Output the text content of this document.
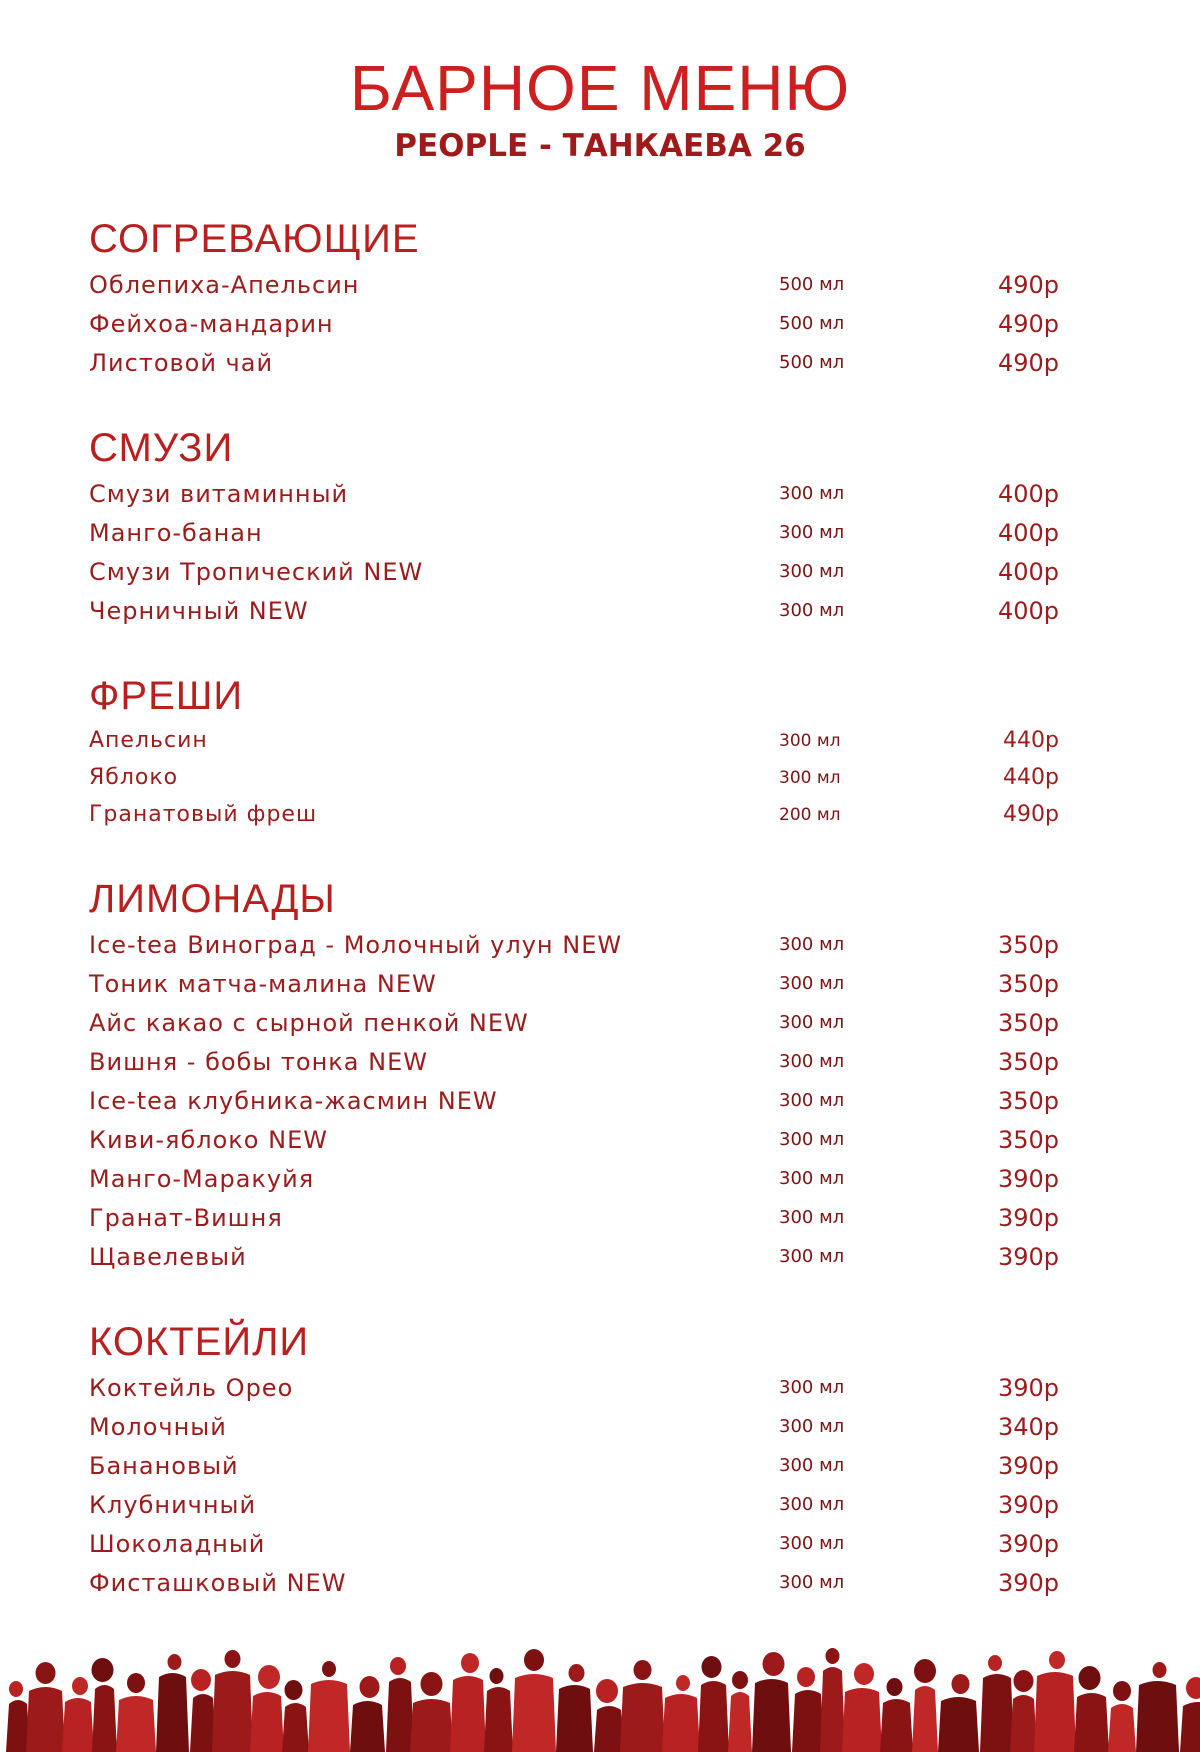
БАРНОЕ МЕНЮ
PEOPLE - ТАНКАЕВА 26
СОГРЕВАЮЩИЕ
Облепиха-Апельсин	500 мл	490р
Фейхоа-мандарин	500 мл	490р
Листовой чай	500 мл	490р
СМУЗИ
Смузи витаминный	300 мл	400р
Манго-банан	300 мл	400р
Смузи Тропический NEW	300 мл	400р
Черничный NEW	300 мл	400р
ФРЕШИ
Апельсин	300 мл	440р
Яблоко	300 мл	440р
Гранатовый фреш	200 мл	490р
ЛИМОНАДЫ
Ice-tea Виноград - Молочный улун NEW	300 мл	350р
Тоник матча-малина NEW	300 мл	350р
Айс какао с сырной пенкой NEW	300 мл	350р
Вишня - бобы тонка NEW	300 мл	350р
Ice-tea клубника-жасмин NEW	300 мл	350р
Киви-яблоко NEW	300 мл	350р
Манго-Маракуйя	300 мл	390р
Гранат-Вишня	300 мл	390р
Щавелевый	300 мл	390р
КОКТЕЙЛИ
Коктейль Орео	300 мл	390р
Молочный	300 мл	340р
Банановый	300 мл	390р
Клубничный	300 мл	390р
Шоколадный	300 мл	390р
Фисташковый NEW	300 мл	390р
